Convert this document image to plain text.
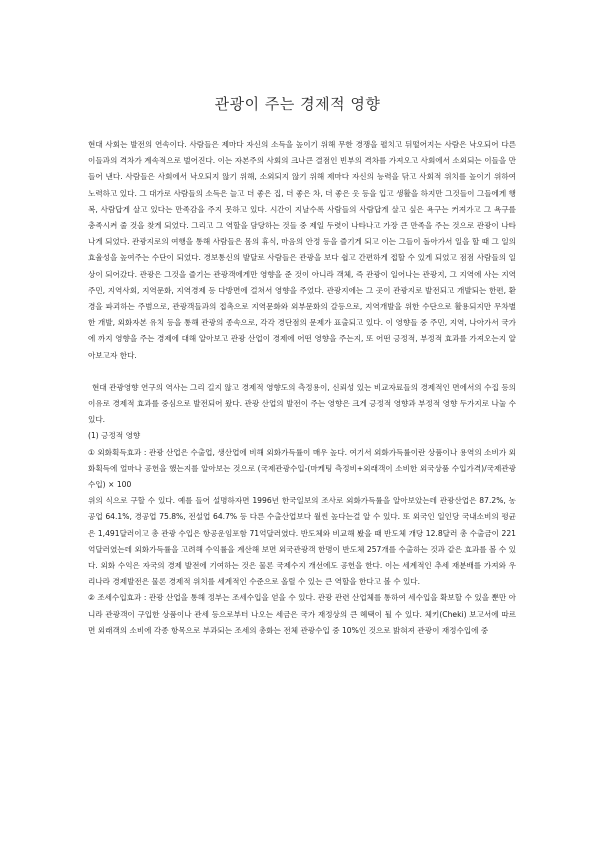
관광이 주는 경제적 영향

현대 사회는 발전의 연속이다. 사람들은 제마다 자신의 소득을 높이기 위해 무한 경쟁을 펼치고 뒤떨어지는 사람은 낙오되어 다른 이들과의 격차가 계속적으로 벌어진다. 이는 자본주의 사회의 크나큰 결점인 빈부의 격차를 가져오고 사회에서 소외되는 이들을 만들어 낸다. 사람들은 사회에서 낙오되지 않기 위해, 소외되지 않기 위해 제마다 자신의 능력을 닦고 사회적 위치를 높이기 위하여 노력하고 있다. 그 대가로 사람들의 소득은 늘고 더 좋은 집, 더 좋은 차, 더 좋은 옷 등을 입고 생활을 하지만 그것들이 그들에게 행복, 사람답게 살고 있다는 만족감을 주지 못하고 있다. 시간이 지날수록 사람들의 사람답게 살고 싶은 욕구는 커져가고 그 욕구를 충족시켜 줄 것을 찾게 되었다. 그리고 그 역할을 담당하는 것들 중 제일 두렷이 나타나고 가장 큰 만족을 주는 것으로 관광이 나타나게 되었다. 관광지로의 여행을 통해 사람들은 몸의 휴식, 마음의 안정 등을 즐기게 되고 이는 그들이 돌아가서 일을 할 때 그 일의 효율성을 높여주는 수단이 되었다. 경보통신의 발달로 사람들은 관광을 보다 쉽고 간편하게 접할 수 있게 되었고 점점 사람들의 일상이 되어갔다. 관광은 그것을 즐기는 관광객에게만 영향을 준 것이 아니라 객체, 즉 관광이 일어나는 관광지, 그 지역에 사는 지역주민, 지역사회, 지역문화, 지역경제 등 다방면에 걸쳐서 영향을 주었다. 관광지에는 그 곳이 관광지로 발전되고 개발되는 한편, 환경을 파괴하는 주범으로, 관광객들과의 접촉으로 지역문화와 외부문화의 갈등으로, 지역개발을 위한 수단으로 활용되지만 무차별한 개발, 외화자본 유치 등을 통해 관광의 종속으로, 각각 경단점의 문제가 표출되고 있다. 이 영향들 중 주민, 지역, 나아가서 국가에 까지 영향을 주는 경제에 대해 알아보고 관광 산업이 경제에 어떤 영향을 주는지, 또 어떤 긍정적, 부정적 효과를 가져오는지 알아보고자 한다.

현대 관광영향 연구의 역사는 그리 길지 않고 경제적 영향도의 측정용이, 신뢰성 있는 비교자료들의 경제적인 면에서의 수집 등의 이유로 경제적 효과를 중심으로 발전되어 왔다. 관광 산업의 발전이 주는 영향은 크게 긍정적 영향과 부정적 영향 두가지로 나눌 수 있다.

(1) 긍정적 영향

① 외화획득효과 : 관광 산업은 수출업, 생산업에 비해 외화가득률이 매우 높다. 여기서 외화가득률이란 상품이나 용역의 소비가 외화획득에 얼마나 공헌을 했는지를 알아보는 것으로 (국제관광수입-(마케팅 측정비+외래객이 소비한 외국상품 수입가격)/국제관광수입) × 100

위의 식으로 구할 수 있다. 예를 들어 설명하자면 1996년 한국일보의 조사로 외화가득률을 알아보았는데 관광산업은 87.2%, 농공업 64.1%, 경공업 75.8%, 전설업 64.7% 등 다른 수출산업보다 월씬 높다는걸 알 수 있다. 또 외국인 일인당 국내소비의 평균은 1,491달러이고 총 관광 수입은 항공운임포함 71억달러였다. 반도체와 비교해 봤을 때 반도체 개당 12.8달러 총 수출금이 221억달러였는데 외화가득률을 고려해 수익률을 계산해 보면 외국관광객 한명이 반도체 257개를 수출하는 것과 같은 효과를 볼 수 있다. 외화 수익은 자국의 경제 발전에 기여하는 것은 물론 국제수지 개선에도 공헌을 한다. 이는 세계적인 추세 재분배를 가져와 우리나라 경제발전은 물론 경제적 위치를 세계적인 수준으로 올릴 수 있는 큰 역할을 한다고 볼 수 있다.

② 조세수입효과 : 관광 산업을 통해 정부는 조세수입을 얻을 수 있다. 관광 관련 산업체를 통하여 세수입을 확보할 수 있을 뿐만 아니라 관광객이 구입한 상품이나 관세 등으로부터 나오는 세금은 국가 재정상의 큰 혜택이 될 수 있다. 체키(Cheki) 보고서에 따르면 외래객의 소비에 각종 항목으로 부과되는 조세의 총화는 전체 관광수입 중 10%인 것으로 밝혀져 관광이 재정수입에 중
